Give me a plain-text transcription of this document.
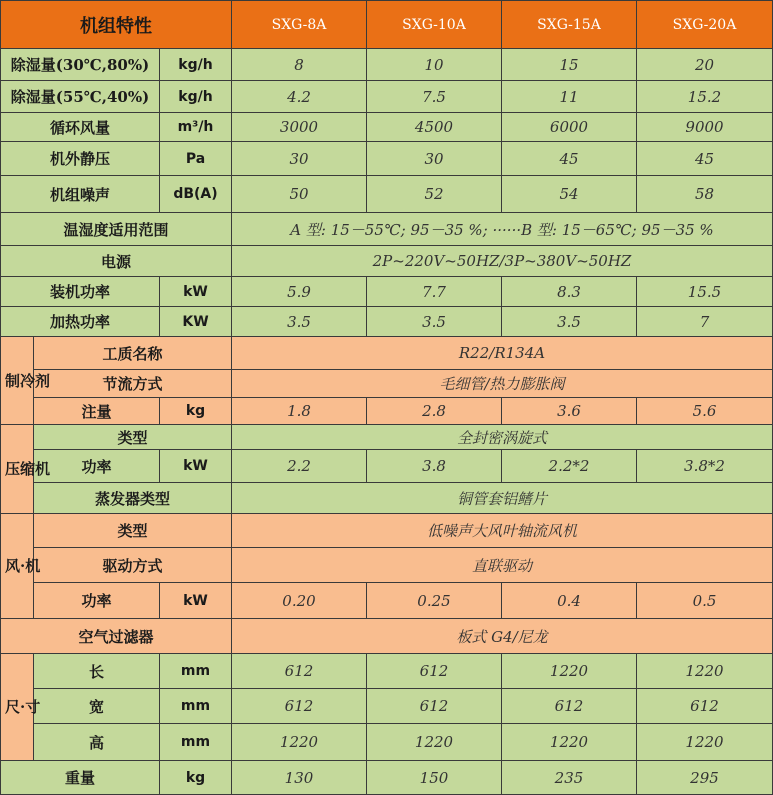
机组特性			SXG-8A	SXG-10A	SXG-15A	SXG-20A
除湿量(30℃,80%)		kg/h	8	10	15	20
除湿量(55℃,40%)		kg/h	4.2	7.5	11	15.2
循环风量		m³/h	3000	4500	6000	9000
机外静压		Pa	30	30	45	45
机组噪声		dB(A)	50	52	54	58
温湿度适用范围			A 型: 15－55℃; 95－35 %; ······B 型: 15－65℃; 95－35 %			
电源			2P~220V~50HZ/3P~380V~50HZ			
装机功率		kW	5.9	7.7	8.3	15.5
加热功率		KW	3.5	3.5	3.5	7
制冷剂	工质名称		R22/R134A			
	节流方式		毛细管/热力膨胀阀			
	注量	kg	1.8	2.8	3.6	5.6
压缩机	类型		全封密涡旋式			
	功率	kW	2.2	3.8	2.2*2	3.8*2
	蒸发器类型		铜管套铝鳍片			
风·机	类型		低噪声大风叶轴流风机			
	驱动方式		直联驱动			
	功率	kW	0.20	0.25	0.4	0.5
空气过滤器			板式 G4/尼龙			
尺·寸	长	mm	612	612	1220	1220
	宽	mm	612	612	612	612
	高	mm	1220	1220	1220	1220
重量		kg	130	150	235	295
